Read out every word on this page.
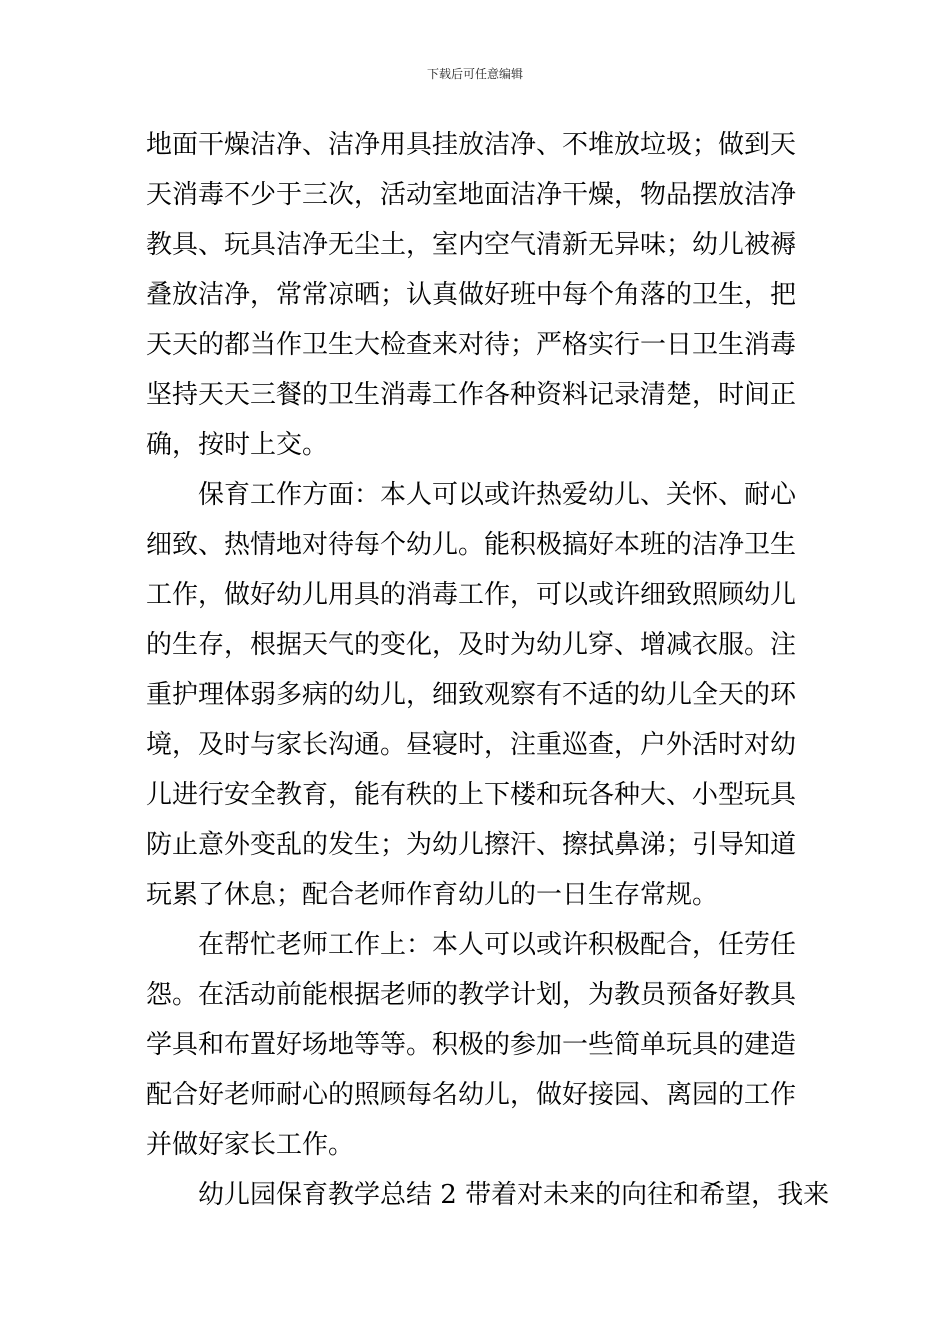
下载后可任意编辑
地面干燥洁净、洁净用具挂放洁净、不堆放垃圾；做到天
天消毒不少于三次，活动室地面洁净干燥，物品摆放洁净
教具、玩具洁净无尘土，室内空气清新无异味；幼儿被褥
叠放洁净，常常凉晒；认真做好班中每个角落的卫生，把
天天的都当作卫生大检查来对待；严格实行一日卫生消毒
坚持天天三餐的卫生消毒工作各种资料记录清楚，时间正
确，按时上交。
保育工作方面：本人可以或许热爱幼儿、关怀、耐心
细致、热情地对待每个幼儿。能积极搞好本班的洁净卫生
工作，做好幼儿用具的消毒工作，可以或许细致照顾幼儿
的生存，根据天气的变化，及时为幼儿穿、增减衣服。注
重护理体弱多病的幼儿，细致观察有不适的幼儿全天的环
境，及时与家长沟通。昼寝时，注重巡查，户外活时对幼
儿进行安全教育，能有秩的上下楼和玩各种大、小型玩具
防止意外变乱的发生；为幼儿擦汗、擦拭鼻涕；引导知道
玩累了休息；配合老师作育幼儿的一日生存常规。
在帮忙老师工作上：本人可以或许积极配合，任劳任
怨。在活动前能根据老师的教学计划，为教员预备好教具
学具和布置好场地等等。积极的参加一些简单玩具的建造
配合好老师耐心的照顾每名幼儿，做好接园、离园的工作
并做好家长工作。
幼儿园保育教学总结 2 带着对未来的向往和希望，我来
